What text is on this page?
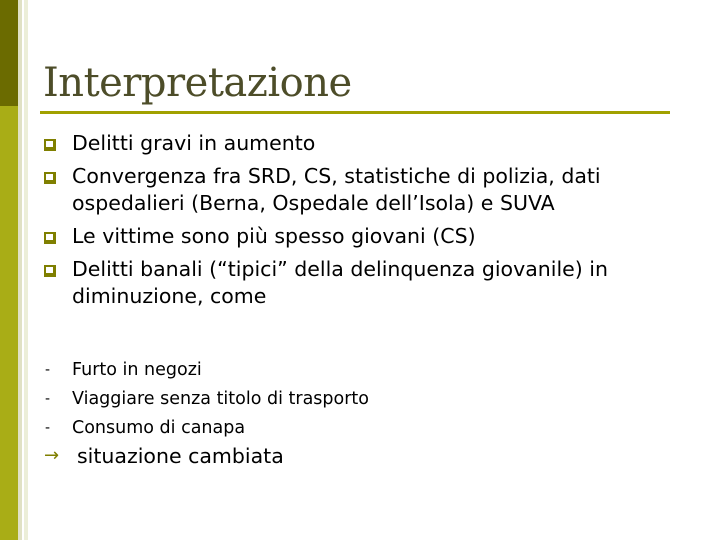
Interpretazione
Delitti gravi in aumento
Convergenza fra SRD, CS, statistiche di polizia, dati ospedalieri (Berna, Ospedale dell’Isola) e SUVA
Le vittime sono più spesso giovani (CS)
Delitti banali (“tipici” della delinquenza giovanile) in diminuzione, come
- Furto in negozi
- Viaggiare senza titolo di trasporto
- Consumo di canapa
→ situazione cambiata
